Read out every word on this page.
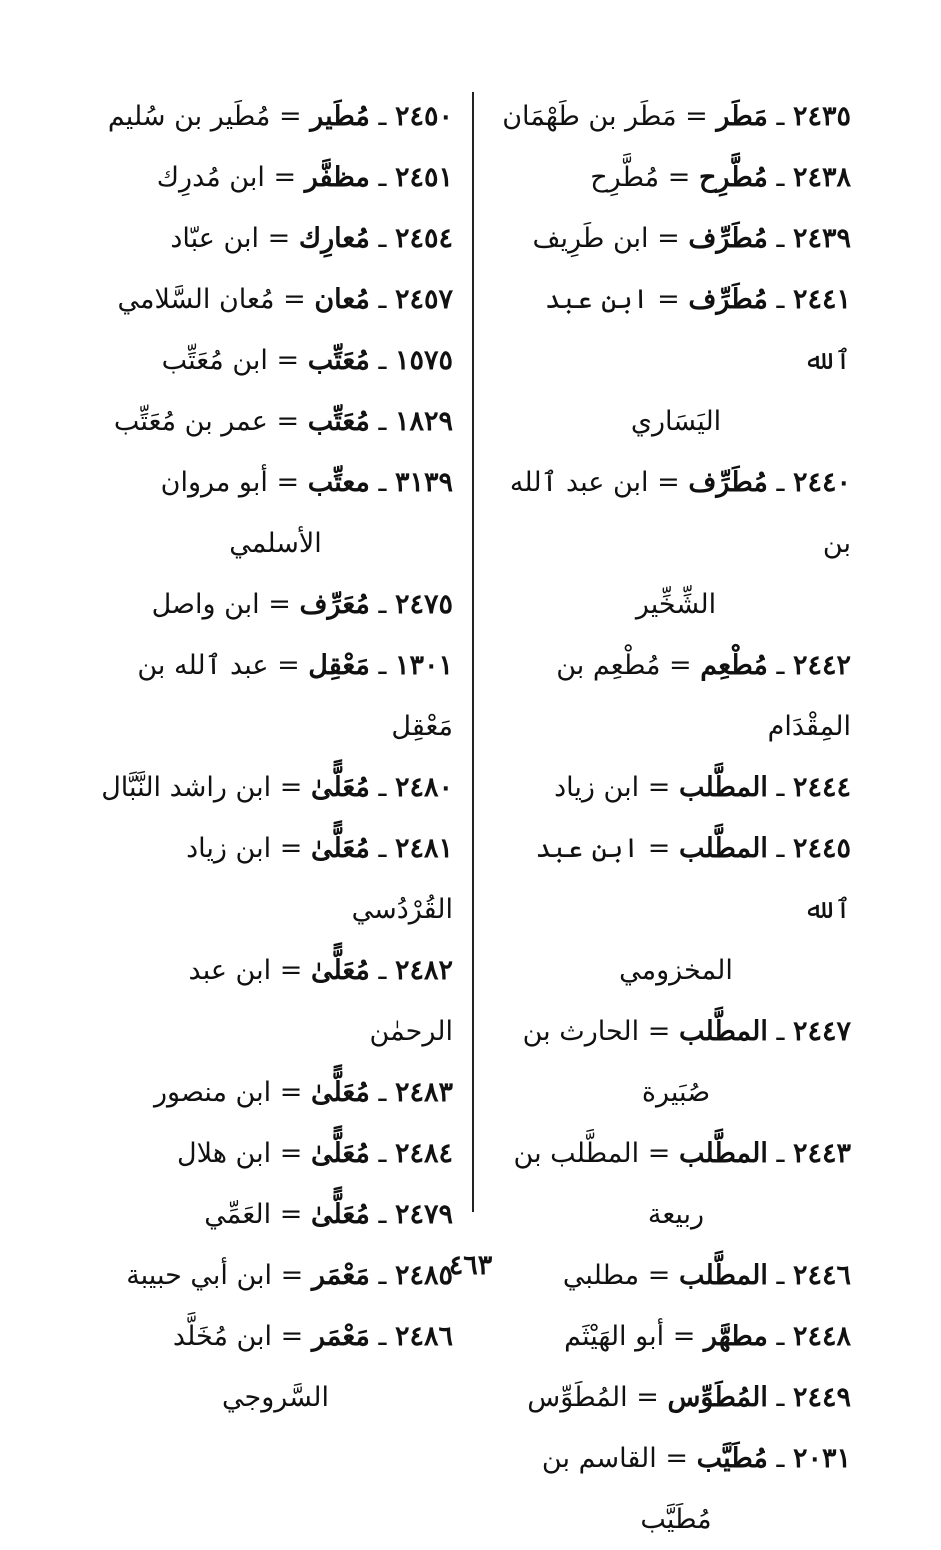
٢٤٣٥ ـ مَطَر = مَطَر بن طَهْمَان
٢٤٣٨ ـ مُطَّرِح = مُطَّرِح
٢٤٣٩ ـ مُطَرِّف = ابن طَرِيف
٢٤٤١ ـ مُطَرِّف = ابن عبد ٱلله
اليَسَاري
٢٤٤٠ ـ مُطَرِّف = ابن عبد ٱلله بن
الشِّخِّير
٢٤٤٢ ـ مُطْعِم = مُطْعِم بن المِقْدَام
٢٤٤٤ ـ المطَّلب = ابن زياد
٢٤٤٥ ـ المطَّلب = ابن عبد ٱلله
المخزومي
٢٤٤٧ ـ المطَّلب = الحارث بن
صُبَيرة
٢٤٤٣ ـ المطَّلب = المطَّلب بن
ربيعة
٢٤٤٦ ـ المطَّلب = مطلبي
٢٤٤٨ ـ مطهَّر = أبو الهَيْثَم
٢٤٤٩ ـ المُطَوِّس = المُطَوِّس
٢٠٣١ ـ مُطَيَّب = القاسم بن
مُطَيَّب
٢٤٥٠ ـ مُطَير = مُطَير بن سُليم
٢٤٥١ ـ مظفَّر = ابن مُدرِك
٢٤٥٤ ـ مُعارِك = ابن عبّاد
٢٤٥٧ ـ مُعان = مُعان السَّلامي
١٥٧٥ ـ مُعَتِّب = ابن مُعَتِّب
١٨٢٩ ـ مُعَتِّب = عمر بن مُعَتِّب
٣١٣٩ ـ معتِّب = أبو مروان
الأسلمي
٢٤٧٥ ـ مُعَرِّف = ابن واصل
١٣٠١ ـ مَعْقِل = عبد ٱلله بن مَعْقِل
٢٤٨٠ ـ مُعَلًّىٰ = ابن راشد النَّبَّال
٢٤٨١ ـ مُعَلًّىٰ = ابن زياد القُرْدُسي
٢٤٨٢ ـ مُعَلًّىٰ = ابن عبد الرحمٰن
٢٤٨٣ ـ مُعَلًّىٰ = ابن منصور
٢٤٨٤ ـ مُعَلًّىٰ = ابن هلال
٢٤٧٩ ـ مُعَلًّىٰ = العَمِّي
٢٤٨٥ ـ مَعْمَر = ابن أبي حبيبة
٢٤٨٦ ـ مَعْمَر = ابن مُخَلَّد
السَّروجي
٤٦٣
